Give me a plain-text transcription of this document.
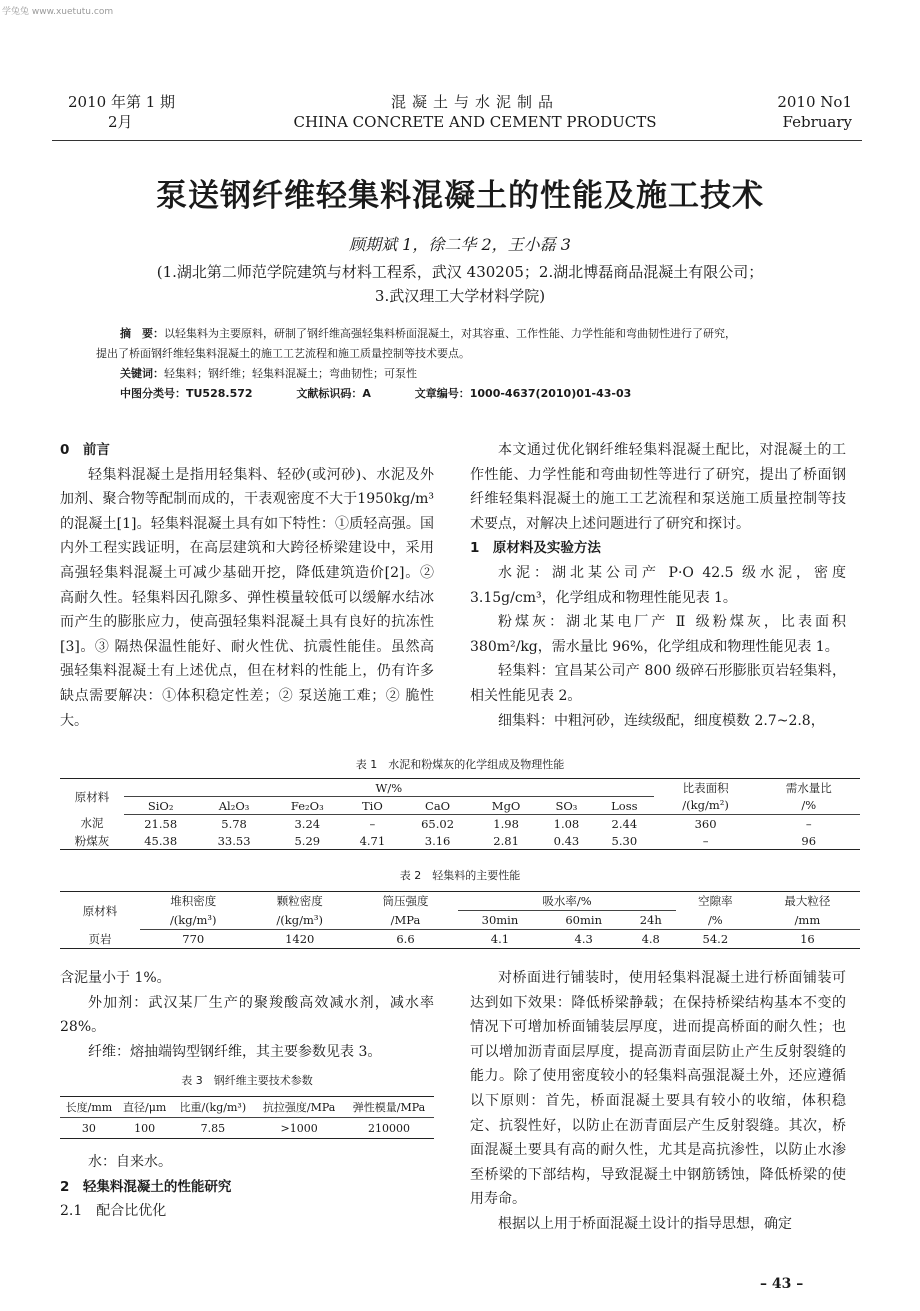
学兔兔 www.xuetutu.com
2010 年第 1 期
2月
混凝土与水泥制品
CHINA CONCRETE AND CEMENT PRODUCTS
2010 No1
February
泵送钢纤维轻集料混凝土的性能及施工技术
顾期斌 1，徐二华 2，王小磊 3
(1.湖北第二师范学院建筑与材料工程系，武汉 430205；2.湖北博磊商品混凝土有限公司；
3.武汉理工大学材料学院)
摘　要：以轻集料为主要原料，研制了钢纤维高强轻集料桥面混凝土，对其容重、工作性能、力学性能和弯曲韧性进行了研究，
提出了桥面钢纤维轻集料混凝土的施工工艺流程和施工质量控制等技术要点。
关键词：轻集料；钢纤维；轻集料混凝土；弯曲韧性；可泵性
中图分类号：TU528.572	文献标识码：A	文章编号：1000-4637(2010)01-43-03

0　前言

轻集料混凝土是指用轻集料、轻砂(或河砂)、水泥及外加剂、聚合物等配制而成的，干表观密度不大于1950kg/m³ 的混凝土[1]。轻集料混凝土具有如下特性：①质轻高强。国内外工程实践证明，在高层建筑和大跨径桥梁建设中，采用高强轻集料混凝土可减少基础开挖，降低建筑造价[2]。② 高耐久性。轻集料因孔隙多、弹性模量较低可以缓解水结冰而产生的膨胀应力，使高强轻集料混凝土具有良好的抗冻性 [3]。③ 隔热保温性能好、耐火性优、抗震性能佳。虽然高强轻集料混凝土有上述优点，但在材料的性能上，仍有许多缺点需要解决：①体积稳定性差；② 泵送施工难；② 脆性大。

本文通过优化钢纤维轻集料混凝土配比，对混凝土的工作性能、力学性能和弯曲韧性等进行了研究，提出了桥面钢纤维轻集料混凝土的施工工艺流程和泵送施工质量控制等技术要点，对解决上述问题进行了研究和探讨。

1　原材料及实验方法

水泥：湖北某公司产 P·O 42.5 级水泥，密度 3.15g/cm³，化学组成和物理性能见表 1。

粉煤灰：湖北某电厂产 Ⅱ 级粉煤灰，比表面积 380m²/kg，需水量比 96%，化学组成和物理性能见表 1。

轻集料：宜昌某公司产 800 级碎石形膨胀页岩轻集料，相关性能见表 2。

细集料：中粗河砂，连续级配，细度模数 2.7~2.8，

表 1　水泥和粉煤灰的化学组成及物理性能
原材料	W/%								比表面积	需水量比
	SiO₂	Al₂O₃	Fe₂O₃	TiO	CaO	MgO	SO₃	Loss	/(kg/m²)	/%
水泥	21.58	5.78	3.24	–	65.02	1.98	1.08	2.44	360	–
粉煤灰	45.38	33.53	5.29	4.71	3.16	2.81	0.43	5.30	–	96
表 2　轻集料的主要性能
原材料	堆积密度	颗粒密度	筒压强度	吸水率/%			空隙率	最大粒径
	/(kg/m³)	/(kg/m³)	/MPa	30min	60min	24h	/%	/mm
页岩	770	1420	6.6	4.1	4.3	4.8	54.2	16

含泥量小于 1%。

外加剂：武汉某厂生产的聚羧酸高效减水剂，减水率 28%。

纤维：熔抽端钩型钢纤维，其主要参数见表 3。

表 3　钢纤维主要技术参数
长度/mm	直径/μm	比重/(kg/m³)	抗拉强度/MPa	弹性模量/MPa
30	100	7.85	>1000	210000

水：自来水。

2　轻集料混凝土的性能研究

2.1　配合比优化

对桥面进行铺装时，使用轻集料混凝土进行桥面铺装可达到如下效果：降低桥梁静载；在保持桥梁结构基本不变的情况下可增加桥面铺装层厚度，进而提高桥面的耐久性；也可以增加沥青面层厚度，提高沥青面层防止产生反射裂缝的能力。除了使用密度较小的轻集料高强混凝土外，还应遵循以下原则：首先，桥面混凝土要具有较小的收缩，体积稳定、抗裂性好，以防止在沥青面层产生反射裂缝。其次，桥面混凝土要具有高的耐久性，尤其是高抗渗性，以防止水渗至桥梁的下部结构，导致混凝土中钢筋锈蚀，降低桥梁的使用寿命。

根据以上用于桥面混凝土设计的指导思想，确定

– 43 –
